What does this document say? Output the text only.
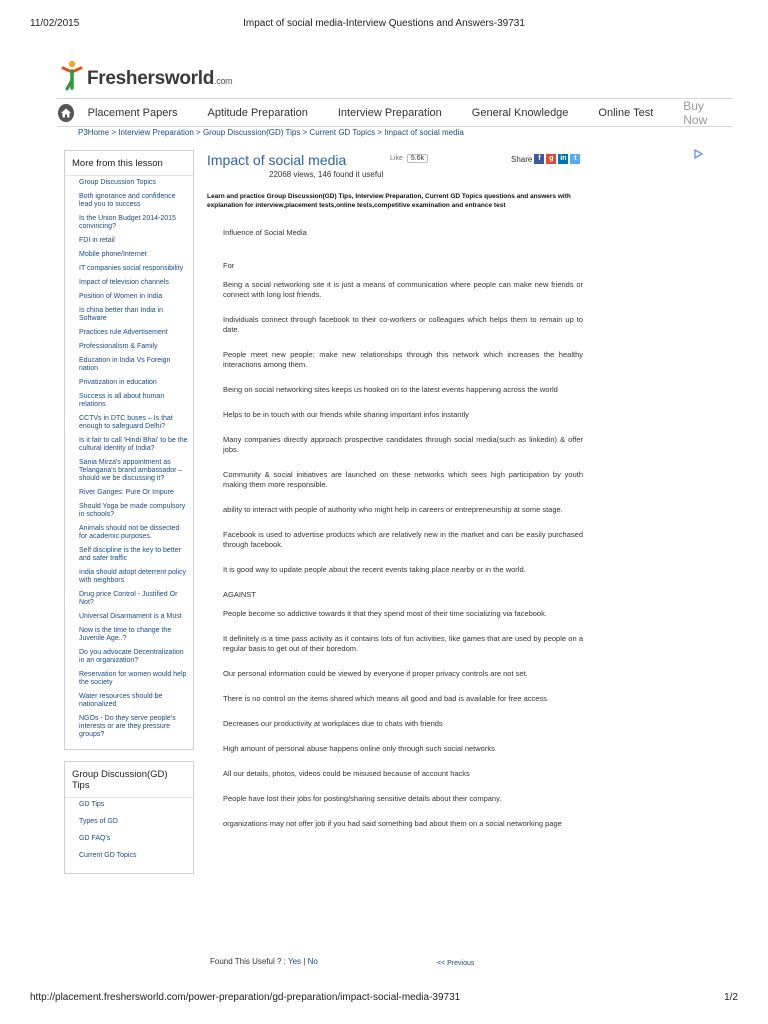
11/02/2015	Impact of social media-Interview Questions and Answers-39731
Freshersworld.com
Placement Papers	Aptitude Preparation	Interview Preparation	General Knowledge	Online Test	Buy Now
P3Home > Interview Preparation > Group Discussion(GD) Tips > Current GD Topics > Impact of social media
More from this lesson
Group Discussion Topics
Both ignorance and confidence lead you to success
Is the Union Budget 2014-2015 convincing?
FDI in retail
Mobile phone/Internet
IT companies social responsibility
Impact of television channels
Position of Women in India
Is china better than India in Software
Practices rule Advertisement
Professionalism & Family
Education in India Vs Foreign nation
Privatization in education
Success is all about human relations
CCTVs in DTC buses – Is that enough to safeguard Delhi?
Is it fair to call 'Hindi Bhai' to be the cultural identity of India?
Sania Mirza's appointment as Telangana's brand ambassador – should we be discussing it?
River Ganges: Pure Or Impure
Should Yoga be made compulsory in schools?
Animals should not be dissected for academic purposes.
Self discipline is the key to better and safer traffic
India should adopt deterrent policy with neighbors
Drug price Control - Justified Or Not?
Universal Disarmament is a Must
Now is the time to change the Juvenile Age..?
Do you advocate Decentralization in an organization?
Reservation for women would help the society
Water resources should be nationalized
NGOs - Do they serve people's interests or are they pressure groups?
Group Discussion(GD) Tips
GD Tips
Types of GD
GD FAQ's
Current GD Topics
Impact of social media	Like	5.6k	Share f	g in	t
22068 views, 146 found it useful
Learn and practice Group Discussion(GD) Tips, Interview Preparation, Current GD Topics questions and answers with explanation for interview,placement tests,online tests,competitive examination and entrance test

Influence of Social Media

For

Being a social networking site it is just a means of communication where people can make new friends or connect with long lost friends.

Individuals connect through facebook to their co-workers or colleagues which helps them to remain up to date.

People meet new people; make new relationships through this network which increases the healthy interactions among them.

Being on social networking sites keeps us hooked on to the latest events happening across the world

Helps to be in touch with our friends while sharing important infos instantly

Many companies directly approach prospective candidates through social media(such as linkedin) & offer jobs.

Community & social initiatives are launched on these networks which sees high participation by youth making them more responsible.

ability to interact with people of authority who might help in careers or entrepreneurship at some stage.

Facebook is used to advertise products which are relatively new in the market and can be easily purchased through facebook.

It is good way to update people about the recent events taking place nearby or in the world.

AGAINST

People become so addictive towards it that they spend most of their time socializing via facebook.

It definitely is a time pass activity as it contains lots of fun activities, like games that are used by people on a regular basis to get out of their boredom.

Our personal information could be viewed by everyone if proper privacy controls are not set.

There is no control on the items shared which means all good and bad is available for free access.

Decreases our productivity at workplaces due to chats with friends

High amount of personal abuse happens online only through such social networks

All our details, photos, videos could be misused because of account hacks

People have lost their jobs for posting/sharing sensitive details about their company.

organizations may not offer job if you had said something bad about them on a social networking page

Found This Useful ? : Yes | No	<< Previous
http://placement.freshersworld.com/power-preparation/gd-preparation/impact-social-media-39731	1/2
